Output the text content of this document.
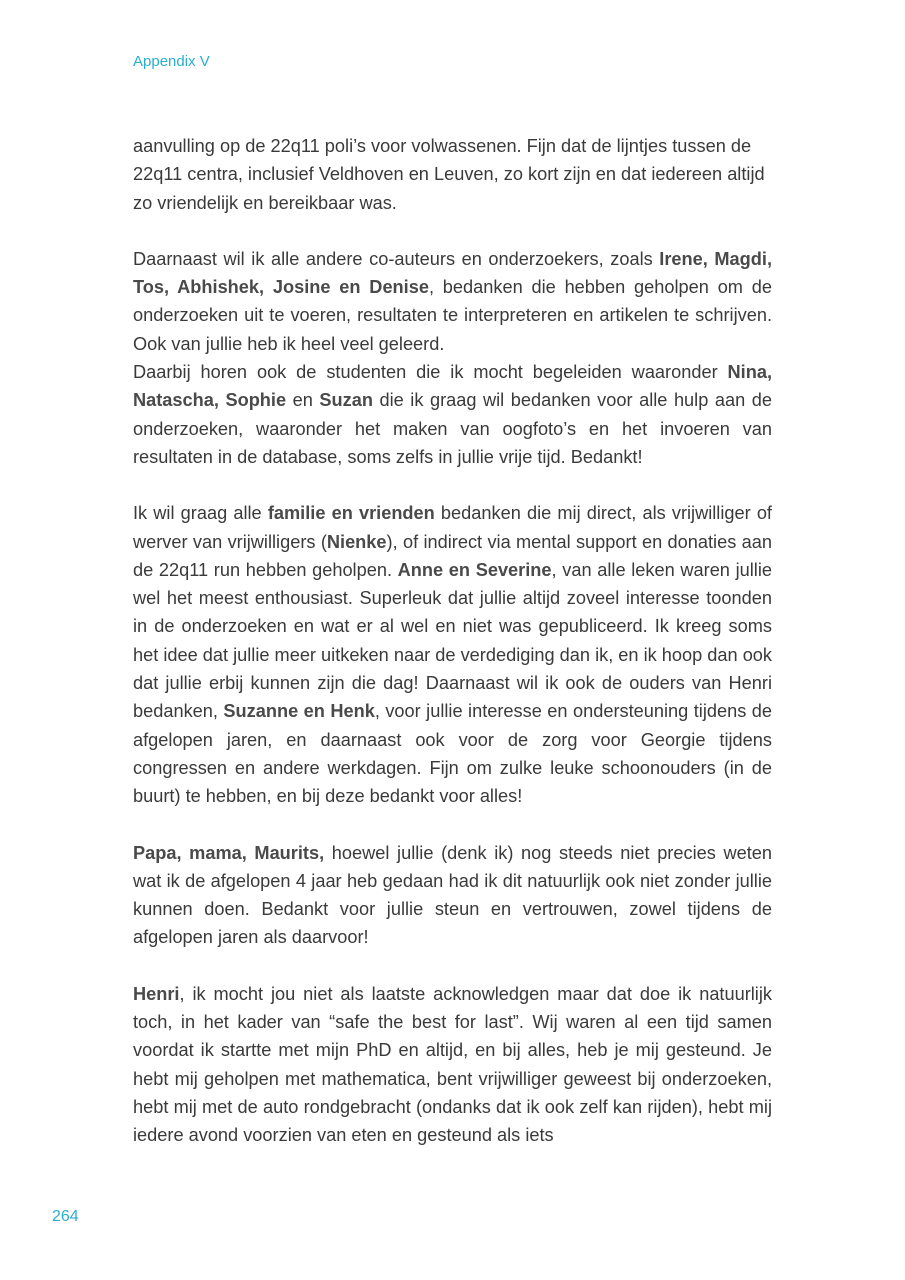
Appendix V

aanvulling op de 22q11 poli’s voor volwassenen. Fijn dat de lijntjes tussen de 22q11 centra, inclusief Veldhoven en Leuven, zo kort zijn en dat iedereen altijd zo vriendelijk en bereikbaar was.

Daarnaast wil ik alle andere co-auteurs en onderzoekers, zoals Irene, Magdi, Tos, Abhishek, Josine en Denise, bedanken die hebben geholpen om de onderzoeken uit te voeren, resultaten te interpreteren en artikelen te schrijven. Ook van jullie heb ik heel veel geleerd.

Daarbij horen ook de studenten die ik mocht begeleiden waaronder Nina, Natascha, Sophie en Suzan die ik graag wil bedanken voor alle hulp aan de onderzoeken, waaronder het maken van oogfoto’s en het invoeren van resultaten in de database, soms zelfs in jullie vrije tijd. Bedankt!

Ik wil graag alle familie en vrienden bedanken die mij direct, als vrijwilliger of werver van vrijwilligers (Nienke), of indirect via mental support en donaties aan de 22q11 run hebben geholpen. Anne en Severine, van alle leken waren jullie wel het meest enthousiast. Superleuk dat jullie altijd zoveel interesse toonden in de onderzoeken en wat er al wel en niet was gepubliceerd. Ik kreeg soms het idee dat jullie meer uitkeken naar de verdediging dan ik, en ik hoop dan ook dat jullie erbij kunnen zijn die dag! Daarnaast wil ik ook de ouders van Henri bedanken, Suzanne en Henk, voor jullie interesse en ondersteuning tijdens de afgelopen jaren, en daarnaast ook voor de zorg voor Georgie tijdens congressen en andere werkdagen. Fijn om zulke leuke schoonouders (in de buurt) te hebben, en bij deze bedankt voor alles!

Papa, mama, Maurits, hoewel jullie (denk ik) nog steeds niet precies weten wat ik de afgelopen 4 jaar heb gedaan had ik dit natuurlijk ook niet zonder jullie kunnen doen. Bedankt voor jullie steun en vertrouwen, zowel tijdens de afgelopen jaren als daarvoor!

Henri, ik mocht jou niet als laatste acknowledgen maar dat doe ik natuurlijk toch, in het kader van “safe the best for last”. Wij waren al een tijd samen voordat ik startte met mijn PhD en altijd, en bij alles, heb je mij gesteund. Je hebt mij geholpen met mathematica, bent vrijwilliger geweest bij onderzoeken, hebt mij met de auto rondgebracht (ondanks dat ik ook zelf kan rijden), hebt mij iedere avond voorzien van eten en gesteund als iets

264
